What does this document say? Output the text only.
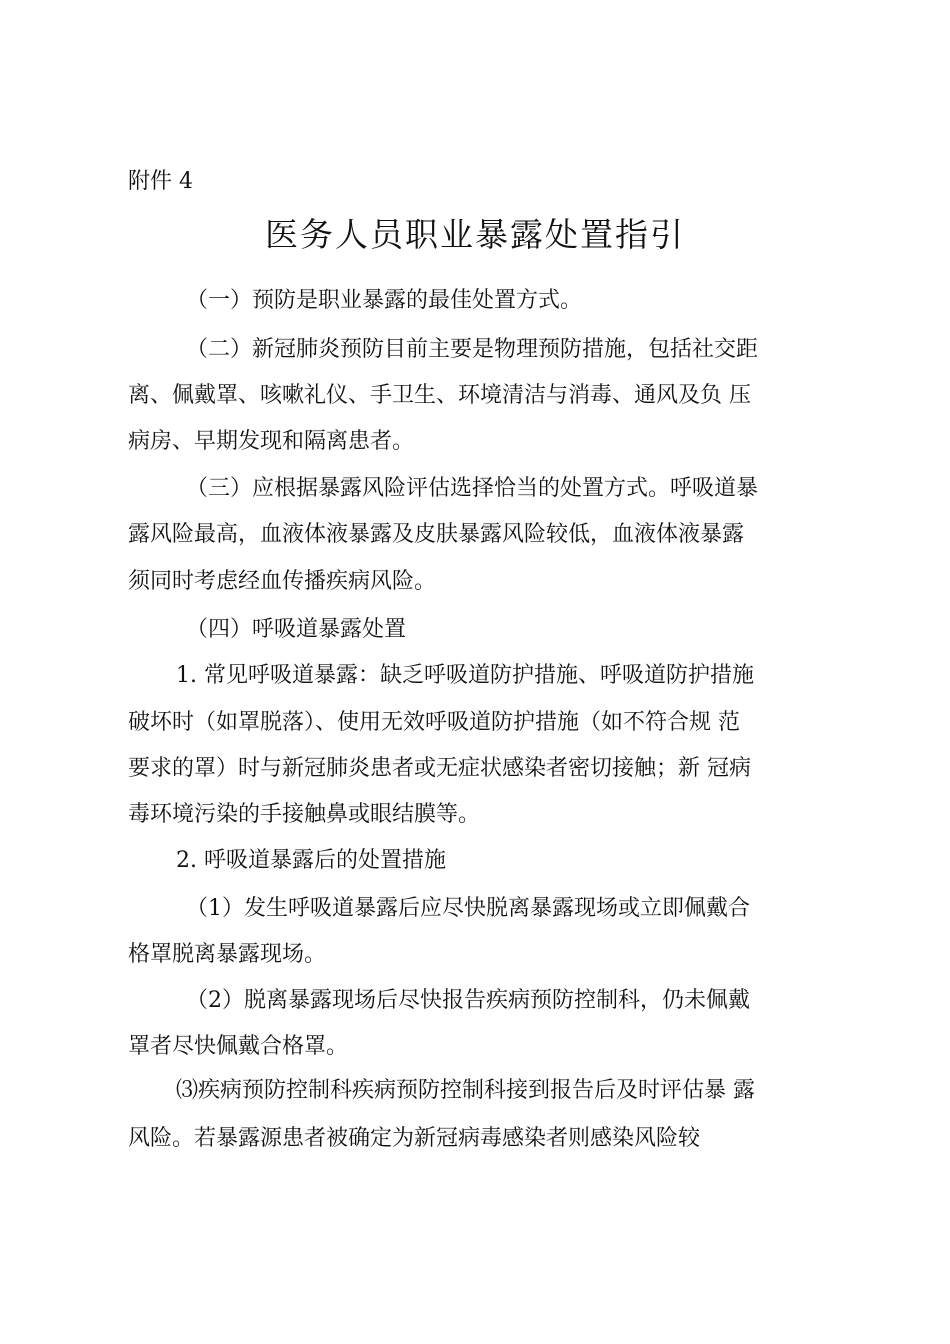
附件 4
医务人员职业暴露处置指引
（一）预防是职业暴露的最佳处置方式。
（二）新冠肺炎预防目前主要是物理预防措施，包括社交距
离、佩戴罩、咳嗽礼仪、手卫生、环境清洁与消毒、通风及负 压
病房、早期发现和隔离患者。
（三）应根据暴露风险评估选择恰当的处置方式。呼吸道暴
露风险最高，血液体液暴露及皮肤暴露风险较低，血液体液暴露
须同时考虑经血传播疾病风险。
（四）呼吸道暴露处置
1. 常见呼吸道暴露：缺乏呼吸道防护措施、呼吸道防护措施
破坏时（如罩脱落）、使用无效呼吸道防护措施（如不符合规 范
要求的罩）时与新冠肺炎患者或无症状感染者密切接触；新 冠病
毒环境污染的手接触鼻或眼结膜等。
2. 呼吸道暴露后的处置措施
（1）发生呼吸道暴露后应尽快脱离暴露现场或立即佩戴合
格罩脱离暴露现场。
（2）脱离暴露现场后尽快报告疾病预防控制科，仍未佩戴
罩者尽快佩戴合格罩。
⑶疾病预防控制科疾病预防控制科接到报告后及时评估暴 露
风险。若暴露源患者被确定为新冠病毒感染者则感染风险较
